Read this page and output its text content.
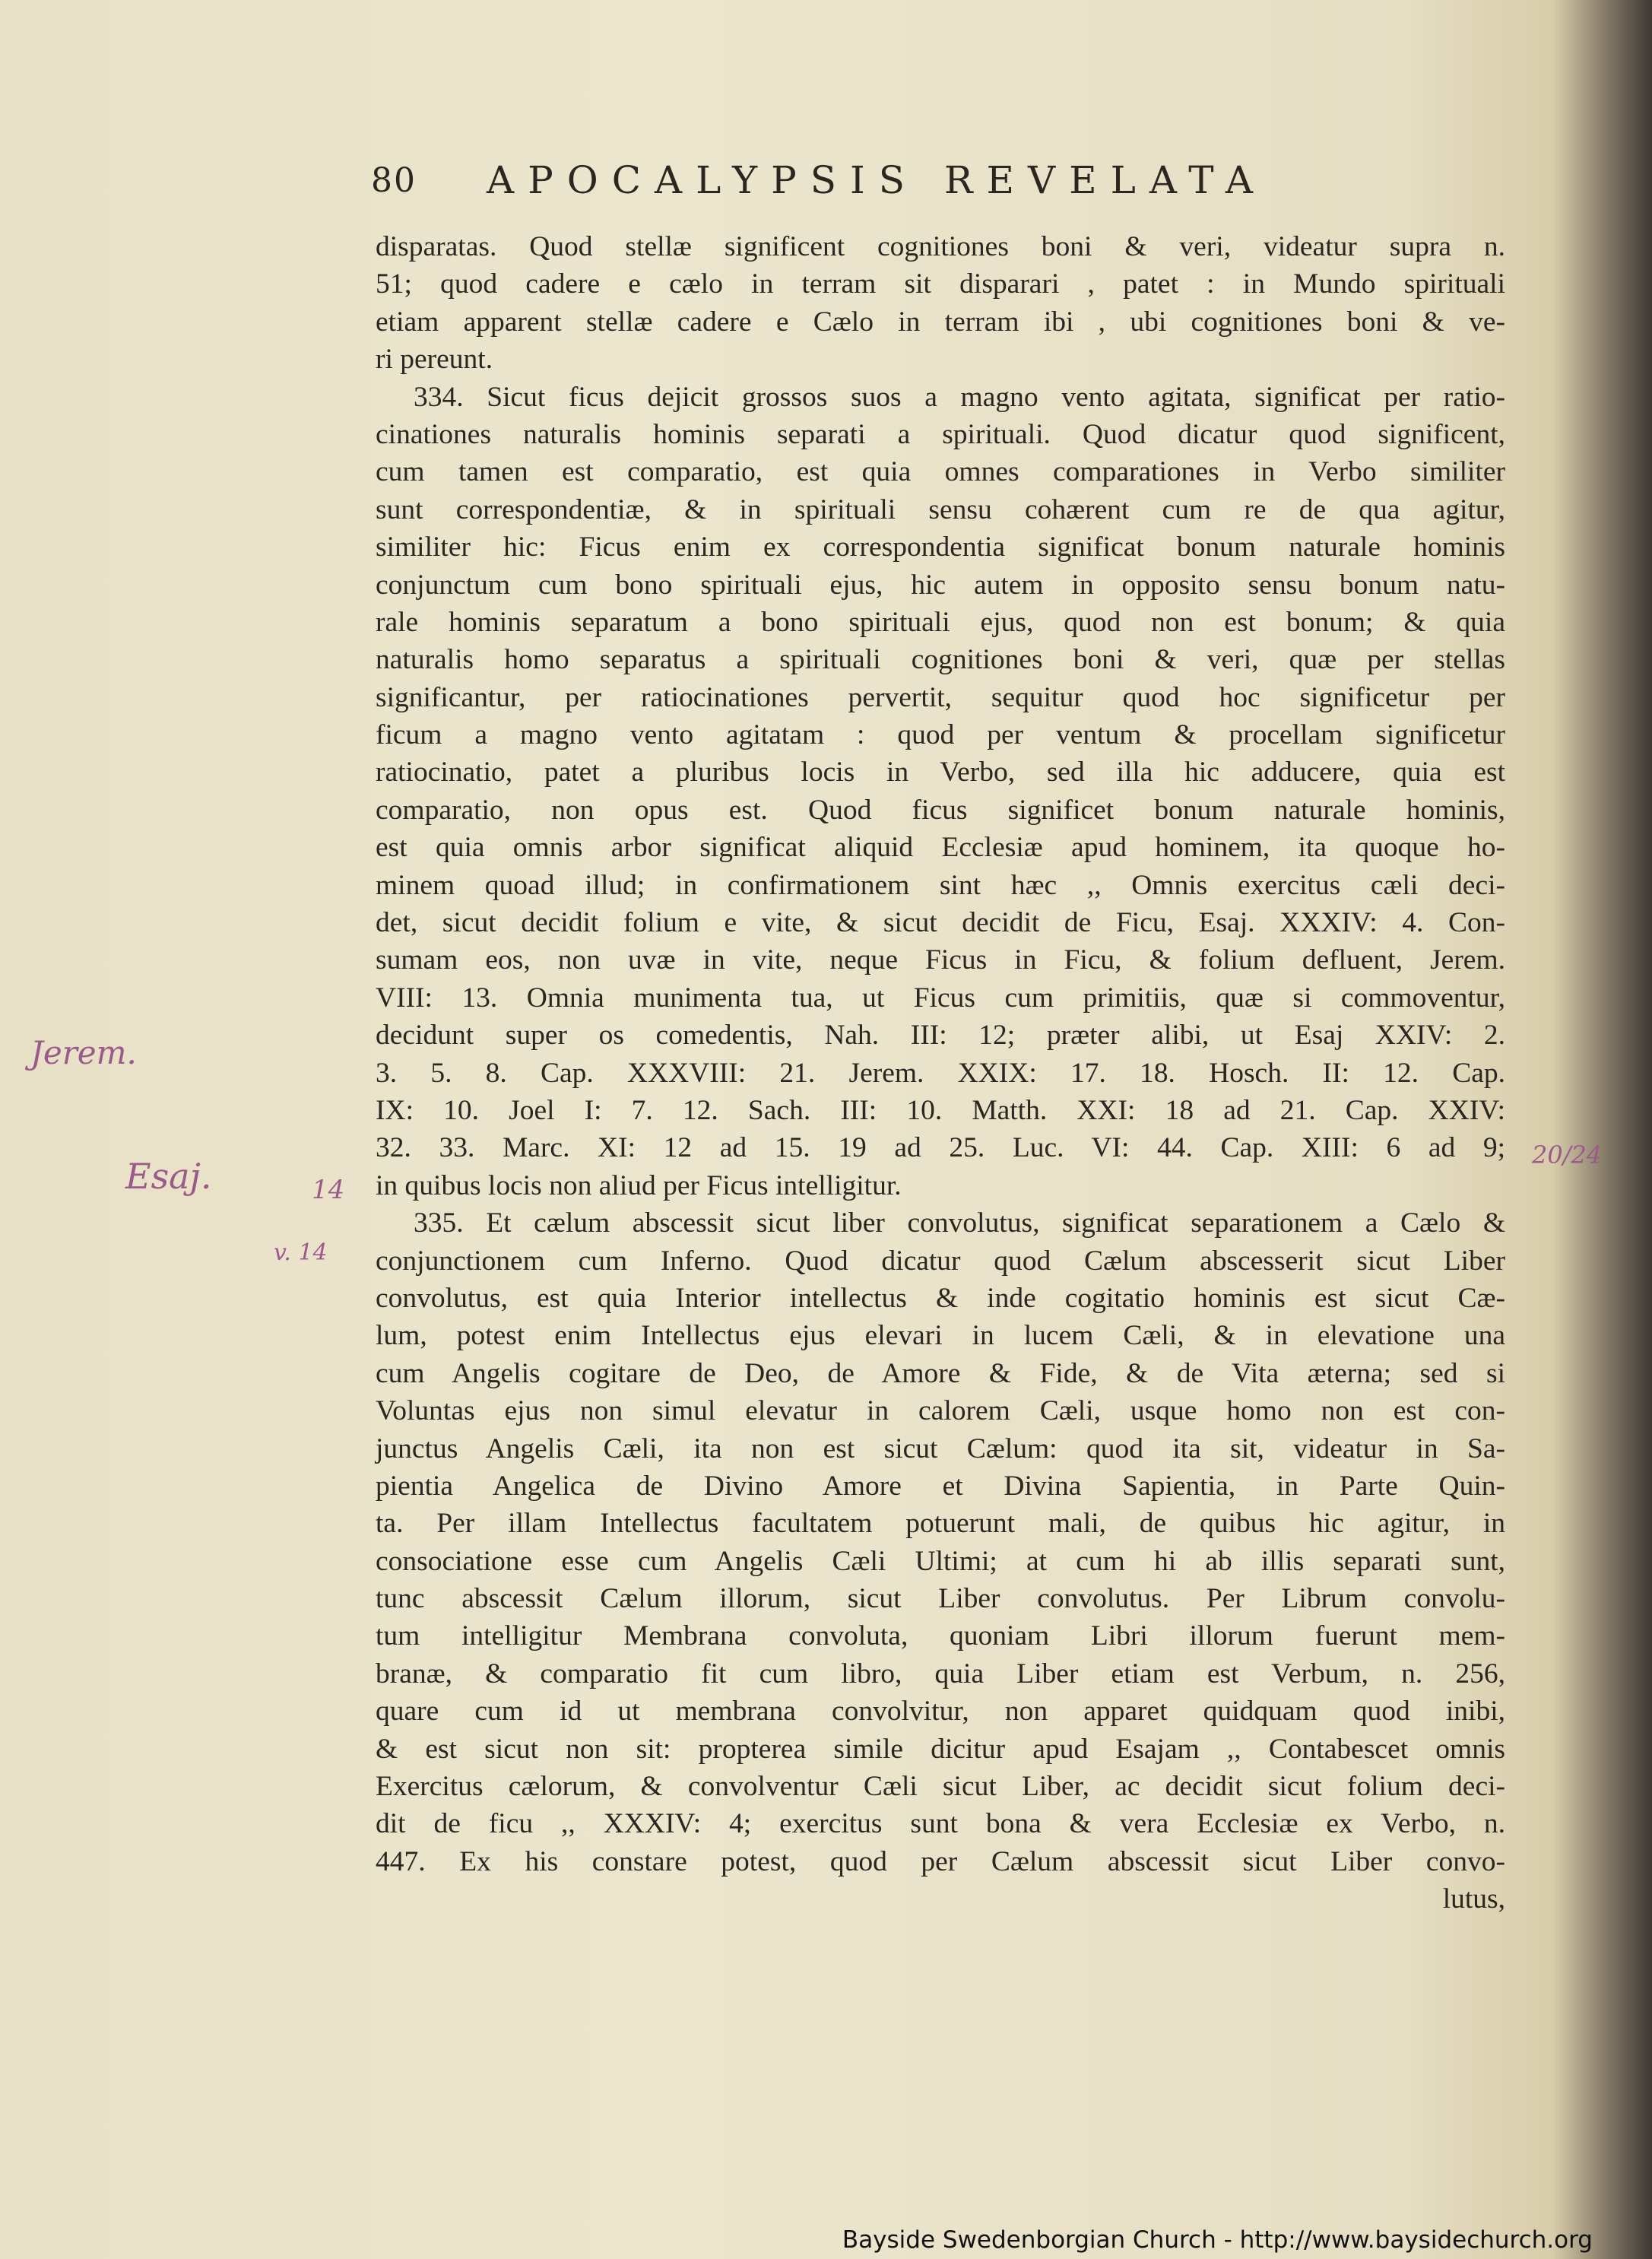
80 APOCALYPSIS REVELATA
disparatas. Quod stellæ significent cognitiones boni & veri, videatur supra n.
51; quod cadere e cælo in terram sit disparari , patet : in Mundo spirituali
etiam apparent stellæ cadere e Cælo in terram ibi , ubi cognitiones boni & ve-
ri pereunt.
334. Sicut ficus dejicit grossos suos a magno vento agitata, significat per ratio-
cinationes naturalis hominis separati a spirituali. Quod dicatur quod significent,
cum tamen est comparatio, est quia omnes comparationes in Verbo similiter
sunt correspondentiæ, & in spirituali sensu cohærent cum re de qua agitur,
similiter hic: Ficus enim ex correspondentia significat bonum naturale hominis
conjunctum cum bono spirituali ejus, hic autem in opposito sensu bonum natu-
rale hominis separatum a bono spirituali ejus, quod non est bonum; & quia
naturalis homo separatus a spirituali cognitiones boni & veri, quæ per stellas
significantur, per ratiocinationes pervertit, sequitur quod hoc significetur per
ficum a magno vento agitatam : quod per ventum & procellam significetur
ratiocinatio, patet a pluribus locis in Verbo, sed illa hic adducere, quia est
comparatio, non opus est. Quod ficus significet bonum naturale hominis,
est quia omnis arbor significat aliquid Ecclesiæ apud hominem, ita quoque ho-
minem quoad illud; in confirmationem sint hæc ,, Omnis exercitus cæli deci-
det, sicut decidit folium e vite, & sicut decidit de Ficu, Esaj. XXXIV: 4. Con-
sumam eos, non uvæ in vite, neque Ficus in Ficu, & folium defluent, Jerem.
VIII: 13. Omnia munimenta tua, ut Ficus cum primitiis, quæ si commoventur,
decidunt super os comedentis, Nah. III: 12; præter alibi, ut Esaj XXIV: 2.
3. 5. 8. Cap. XXXVIII: 21. Jerem. XXIX: 17. 18. Hosch. II: 12. Cap.
IX: 10. Joel I: 7. 12. Sach. III: 10. Matth. XXI: 18 ad 21. Cap. XXIV:
32. 33. Marc. XI: 12 ad 15. 19 ad 25. Luc. VI: 44. Cap. XIII: 6 ad 9;
in quibus locis non aliud per Ficus intelligitur.
335. Et cælum abscessit sicut liber convolutus, significat separationem a Cælo &
conjunctionem cum Inferno. Quod dicatur quod Cælum abscesserit sicut Liber
convolutus, est quia Interior intellectus & inde cogitatio hominis est sicut Cæ-
lum, potest enim Intellectus ejus elevari in lucem Cæli, & in elevatione una
cum Angelis cogitare de Deo, de Amore & Fide, & de Vita æterna; sed si
Voluntas ejus non simul elevatur in calorem Cæli, usque homo non est con-
junctus Angelis Cæli, ita non est sicut Cælum: quod ita sit, videatur in Sa-
pientia Angelica de Divino Amore et Divina Sapientia, in Parte Quin-
ta. Per illam Intellectus facultatem potuerunt mali, de quibus hic agitur, in
consociatione esse cum Angelis Cæli Ultimi; at cum hi ab illis separati sunt,
tunc abscessit Cælum illorum, sicut Liber convolutus. Per Librum convolu-
tum intelligitur Membrana convoluta, quoniam Libri illorum fuerunt mem-
branæ, & comparatio fit cum libro, quia Liber etiam est Verbum, n. 256,
quare cum id ut membrana convolvitur, non apparet quidquam quod inibi,
& est sicut non sit: propterea simile dicitur apud Esajam ,, Contabescet omnis
Exercitus cælorum, & convolventur Cæli sicut Liber, ac decidit sicut folium deci-
dit de ficu ,, XXXIV: 4; exercitus sunt bona & vera Ecclesiæ ex Verbo, n.
447. Ex his constare potest, quod per Cælum abscessit sicut Liber convo-
lutus,
Jerem.
Esaj.	14
v. 14
20/24
Bayside Swedenborgian Church - http://www.baysidechurch.org
